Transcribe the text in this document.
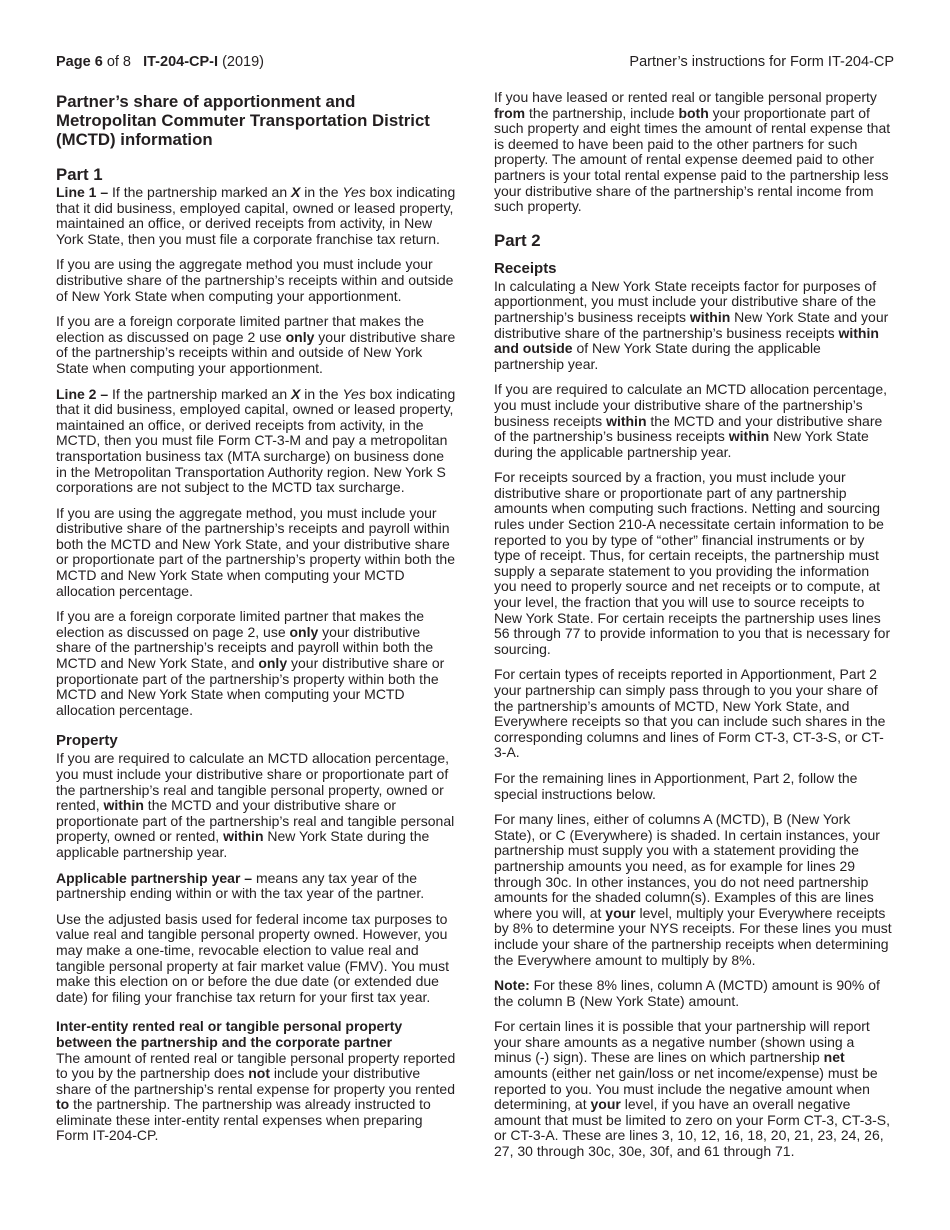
Page 6 of 8 IT-204-CP-I (2019)	Partner’s instructions for Form IT-204-CP
Partner’s share of apportionment and Metropolitan Commuter Transportation District (MCTD) information
Part 1

Line 1 – If the partnership marked an X in the Yes box indicating that it did business, employed capital, owned or leased property, maintained an office, or derived receipts from activity, in New York State, then you must file a corporate franchise tax return.

If you are using the aggregate method you must include your distributive share of the partnership’s receipts within and outside of New York State when computing your apportionment.

If you are a foreign corporate limited partner that makes the election as discussed on page 2 use only your distributive share of the partnership’s receipts within and outside of New York State when computing your apportionment.

Line 2 – If the partnership marked an X in the Yes box indicating that it did business, employed capital, owned or leased property, maintained an office, or derived receipts from activity, in the MCTD, then you must file Form CT-3-M and pay a metropolitan transportation business tax (MTA surcharge) on business done in the Metropolitan Transportation Authority region. New York S corporations are not subject to the MCTD tax surcharge.

If you are using the aggregate method, you must include your distributive share of the partnership’s receipts and payroll within both the MCTD and New York State, and your distributive share or proportionate part of the partnership’s property within both the MCTD and New York State when computing your MCTD allocation percentage.

If you are a foreign corporate limited partner that makes the election as discussed on page 2, use only your distributive share of the partnership’s receipts and payroll within both the MCTD and New York State, and only your distributive share or proportionate part of the partnership’s property within both the MCTD and New York State when computing your MCTD allocation percentage.

Property

If you are required to calculate an MCTD allocation percentage, you must include your distributive share or proportionate part of the partnership’s real and tangible personal property, owned or rented, within the MCTD and your distributive share or proportionate part of the partnership’s real and tangible personal property, owned or rented, within New York State during the applicable partnership year.

Applicable partnership year – means any tax year of the partnership ending within or with the tax year of the partner.

Use the adjusted basis used for federal income tax purposes to value real and tangible personal property owned. However, you may make a one-time, revocable election to value real and tangible personal property at fair market value (FMV). You must make this election on or before the due date (or extended due date) for filing your franchise tax return for your first tax year.

Inter-entity rented real or tangible personal property between the partnership and the corporate partner

The amount of rented real or tangible personal property reported to you by the partnership does not include your distributive share of the partnership’s rental expense for property you rented to the partnership. The partnership was already instructed to eliminate these inter-entity rental expenses when preparing Form IT-204-CP.

If you have leased or rented real or tangible personal property from the partnership, include both your proportionate part of such property and eight times the amount of rental expense that is deemed to have been paid to the other partners for such property. The amount of rental expense deemed paid to other partners is your total rental expense paid to the partnership less your distributive share of the partnership’s rental income from such property.

Part 2
Receipts

In calculating a New York State receipts factor for purposes of apportionment, you must include your distributive share of the partnership’s business receipts within New York State and your distributive share of the partnership’s business receipts within and outside of New York State during the applicable partnership year.

If you are required to calculate an MCTD allocation percentage, you must include your distributive share of the partnership’s business receipts within the MCTD and your distributive share of the partnership’s business receipts within New York State during the applicable partnership year.

For receipts sourced by a fraction, you must include your distributive share or proportionate part of any partnership amounts when computing such fractions. Netting and sourcing rules under Section 210-A necessitate certain information to be reported to you by type of “other” financial instruments or by type of receipt. Thus, for certain receipts, the partnership must supply a separate statement to you providing the information you need to properly source and net receipts or to compute, at your level, the fraction that you will use to source receipts to New York State. For certain receipts the partnership uses lines 56 through 77 to provide information to you that is necessary for sourcing.

For certain types of receipts reported in Apportionment, Part 2 your partnership can simply pass through to you your share of the partnership’s amounts of MCTD, New York State, and Everywhere receipts so that you can include such shares in the corresponding columns and lines of Form CT-3, CT-3-S, or CT-3-A.

For the remaining lines in Apportionment, Part 2, follow the special instructions below.

For many lines, either of columns A (MCTD), B (New York State), or C (Everywhere) is shaded. In certain instances, your partnership must supply you with a statement providing the partnership amounts you need, as for example for lines 29 through 30c. In other instances, you do not need partnership amounts for the shaded column(s). Examples of this are lines where you will, at your level, multiply your Everywhere receipts by 8% to determine your NYS receipts. For these lines you must include your share of the partnership receipts when determining the Everywhere amount to multiply by 8%.

Note: For these 8% lines, column A (MCTD) amount is 90% of the column B (New York State) amount.

For certain lines it is possible that your partnership will report your share amounts as a negative number (shown using a minus (-) sign). These are lines on which partnership net amounts (either net gain/loss or net income/expense) must be reported to you. You must include the negative amount when determining, at your level, if you have an overall negative amount that must be limited to zero on your Form CT-3, CT-3-S, or CT-3-A. These are lines 3, 10, 12, 16, 18, 20, 21, 23, 24, 26, 27, 30 through 30c, 30e, 30f, and 61 through 71.
